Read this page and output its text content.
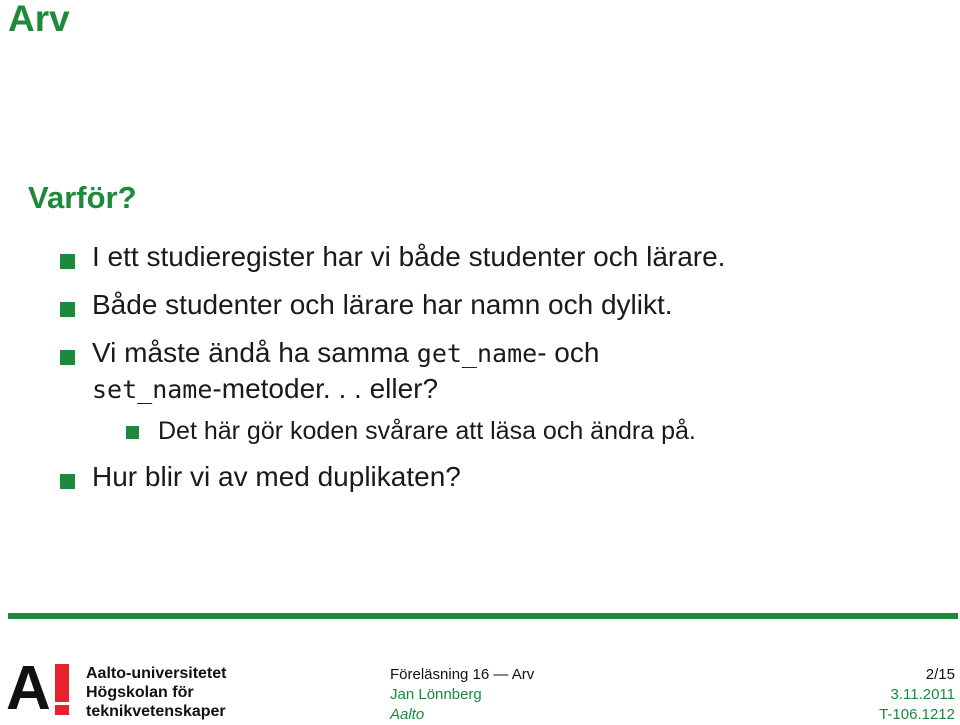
Arv
Varför?
I ett studieregister har vi både studenter och lärare.
Både studenter och lärare har namn och dylikt.
Vi måste ändå ha samma get_name- och
set_name-metoder. . . eller?
Det här gör koden svårare att läsa och ändra på.
Hur blir vi av med duplikaten?
A Aalto-universitetet
Högskolan för
teknikvetenskaper
Föreläsning 16 — Arv
Jan Lönnberg
Aalto
2/15
3.11.2011
T-106.1212
